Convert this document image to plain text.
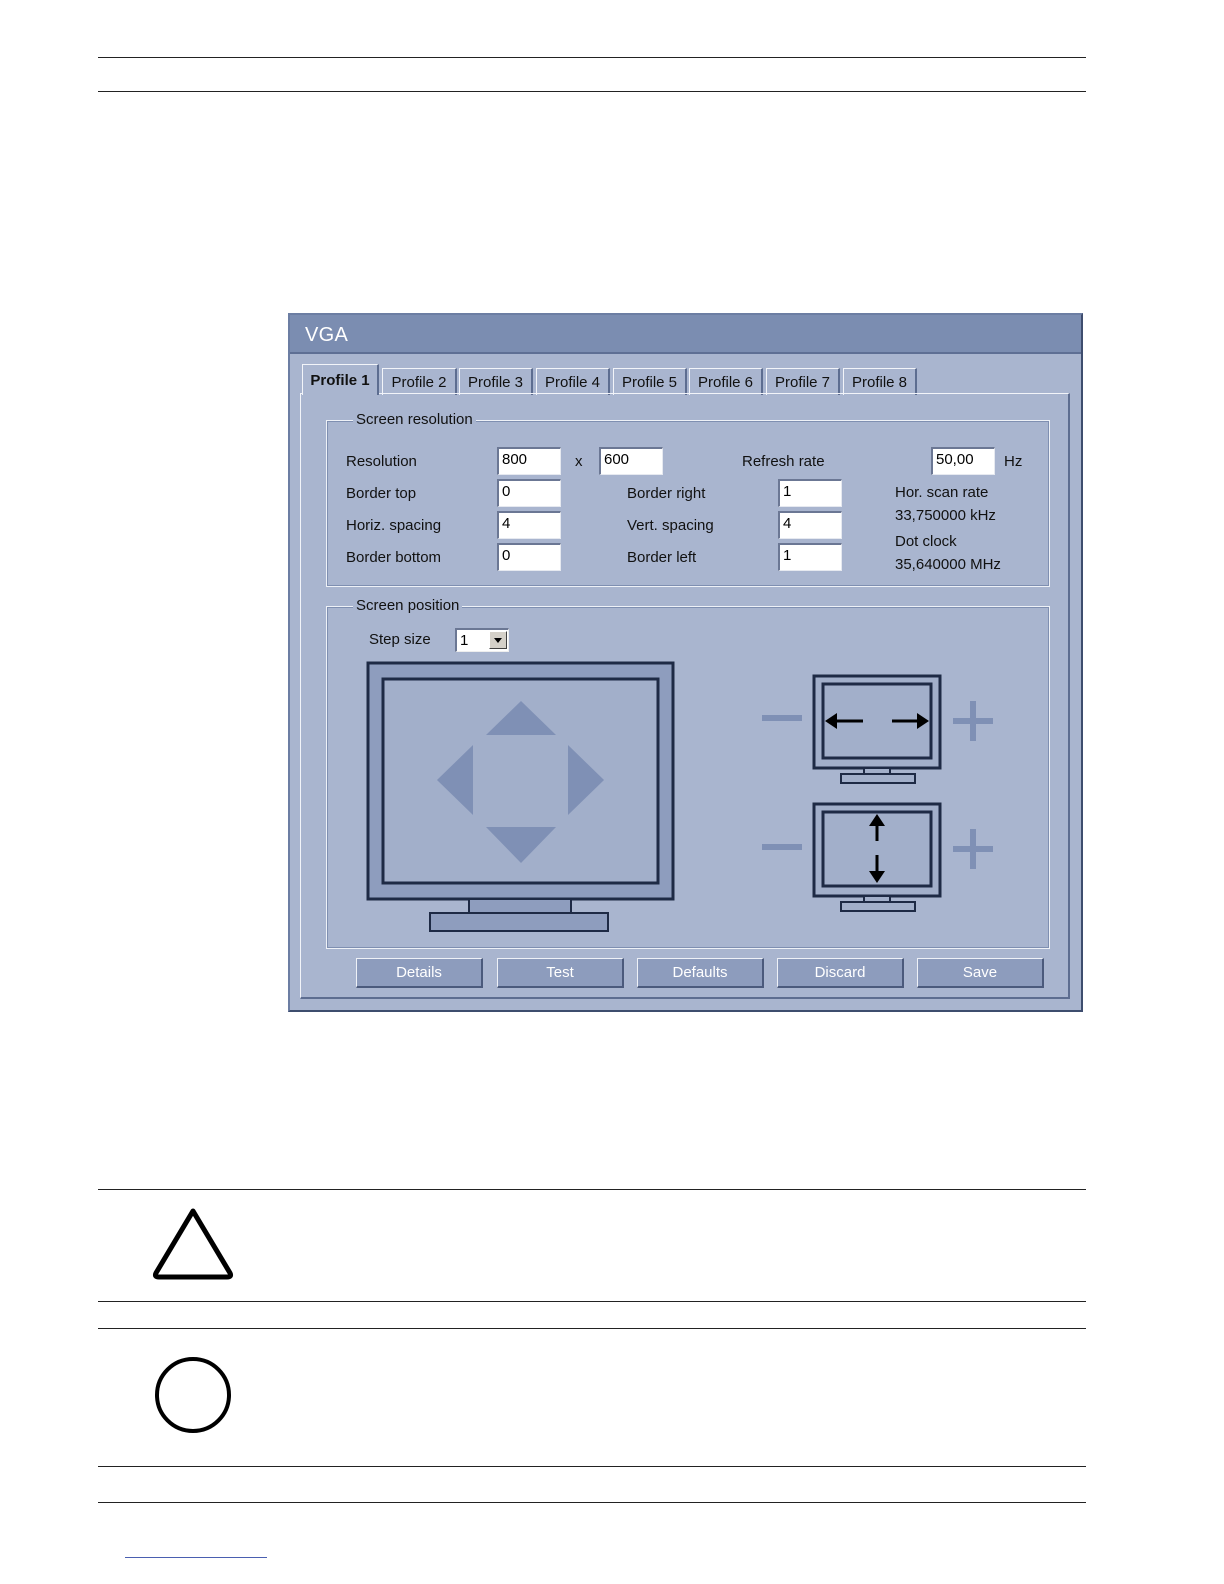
VGA
Profile 1	Profile 2	Profile 3	Profile 4	Profile 5	Profile 6	Profile 7	Profile 8
Screen resolution
Resolution	800	x	600	Refresh rate	50,00	Hz
Border top	0	Border right	1	Hor. scan rate
Horiz. spacing	4	Vert. spacing	4	33,750000 kHz
Border bottom	0	Border left	1
Dot clock
35,640000 MHz
Screen position
Step size 1
Details	Test	Defaults	Discard	Save
